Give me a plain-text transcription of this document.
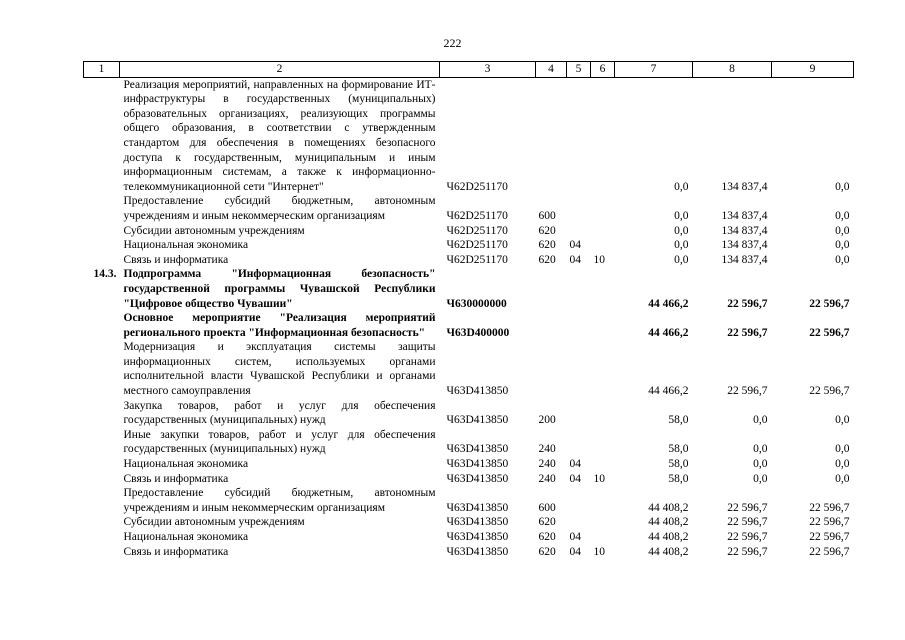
222
1	2	3	4	5	6	7	8	9
	Реализация мероприятий, направленных на формирование ИТ-инфраструктуры в государственных (муниципальных) образовательных организациях, реализующих программы общего образования, в соответствии с утвержденным стандартом для обеспечения в помещениях безопасного доступа к государственным, муниципальным и иным информационным системам, а также к информационно-телекоммуникационной сети "Интернет"	Ч62D251170				0,0	134 837,4	0,0
	Предоставление субсидий бюджетным, автономным учреждениям и иным некоммерческим организациям	Ч62D251170	600			0,0	134 837,4	0,0
	Субсидии автономным учреждениям	Ч62D251170	620			0,0	134 837,4	0,0
	Национальная экономика	Ч62D251170	620	04		0,0	134 837,4	0,0
	Связь и информатика	Ч62D251170	620	04	10	0,0	134 837,4	0,0
14.3.	Подпрограмма "Информационная безопасность" государственной программы Чувашской Республики "Цифровое общество Чувашии"	Ч630000000				44 466,2	22 596,7	22 596,7
	Основное мероприятие "Реализация мероприятий регионального проекта "Информационная безопасность"	Ч63D400000				44 466,2	22 596,7	22 596,7
	Модернизация и эксплуатация системы защиты информационных систем, используемых органами исполнительной власти Чувашской Республики и органами местного самоуправления	Ч63D413850				44 466,2	22 596,7	22 596,7
	Закупка товаров, работ и услуг для обеспечения государственных (муниципальных) нужд	Ч63D413850	200			58,0	0,0	0,0
	Иные закупки товаров, работ и услуг для обеспечения государственных (муниципальных) нужд	Ч63D413850	240			58,0	0,0	0,0
	Национальная экономика	Ч63D413850	240	04		58,0	0,0	0,0
	Связь и информатика	Ч63D413850	240	04	10	58,0	0,0	0,0
	Предоставление субсидий бюджетным, автономным учреждениям и иным некоммерческим организациям	Ч63D413850	600			44 408,2	22 596,7	22 596,7
	Субсидии автономным учреждениям	Ч63D413850	620			44 408,2	22 596,7	22 596,7
	Национальная экономика	Ч63D413850	620	04		44 408,2	22 596,7	22 596,7
	Связь и информатика	Ч63D413850	620	04	10	44 408,2	22 596,7	22 596,7
